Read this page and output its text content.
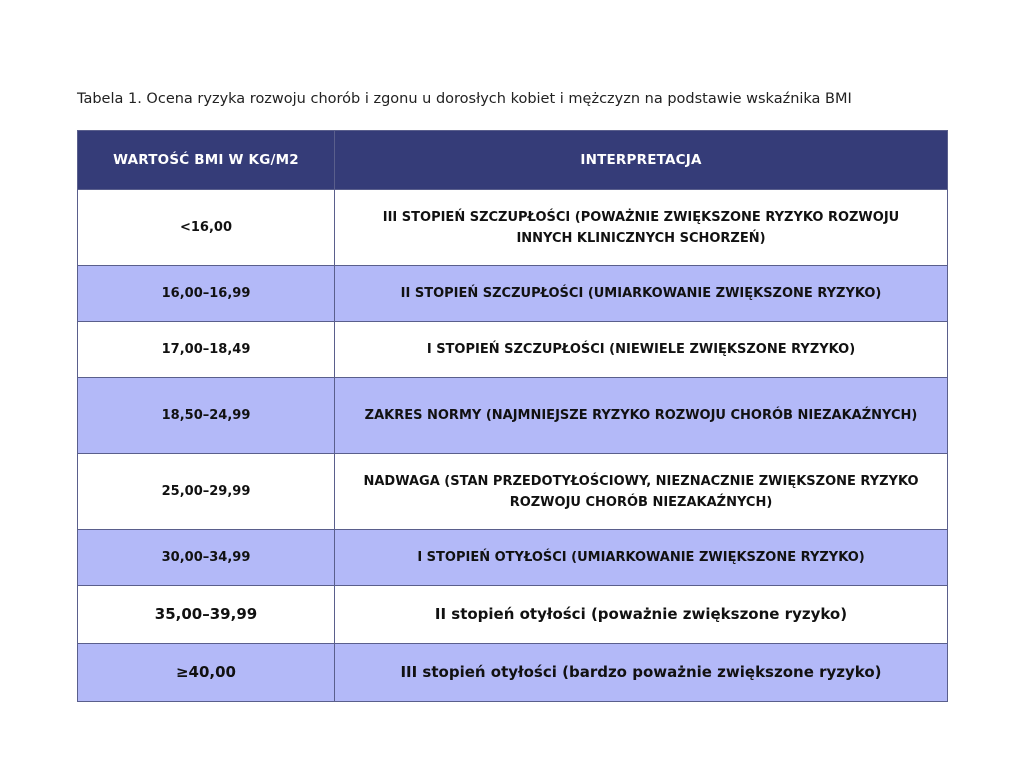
Tabela 1. Ocena ryzyka rozwoju chorób i zgonu u dorosłych kobiet i mężczyzn na podstawie wskaźnika BMI
WARTOŚĆ BMI W KG/M2	INTERPRETACJA
<16,00	III STOPIEŃ SZCZUPŁOŚCI (POWAŻNIE ZWIĘKSZONE RYZYKO ROZWOJU INNYCH KLINICZNYCH SCHORZEŃ)
16,00–16,99	II STOPIEŃ SZCZUPŁOŚCI (UMIARKOWANIE ZWIĘKSZONE RYZYKO)
17,00–18,49	I STOPIEŃ SZCZUPŁOŚCI (NIEWIELE ZWIĘKSZONE RYZYKO)
18,50–24,99	ZAKRES NORMY (NAJMNIEJSZE RYZYKO ROZWOJU CHORÓB NIEZAKAŹNYCH)
25,00–29,99	NADWAGA (STAN PRZEDOTYŁOŚCIOWY, NIEZNACZNIE ZWIĘKSZONE RYZYKO ROZWOJU CHORÓB NIEZAKAŹNYCH)
30,00–34,99	I STOPIEŃ OTYŁOŚCI (UMIARKOWANIE ZWIĘKSZONE RYZYKO)
35,00–39,99	II stopień otyłości (poważnie zwiększone ryzyko)
≥40,00	III stopień otyłości (bardzo poważnie zwiększone ryzyko)
